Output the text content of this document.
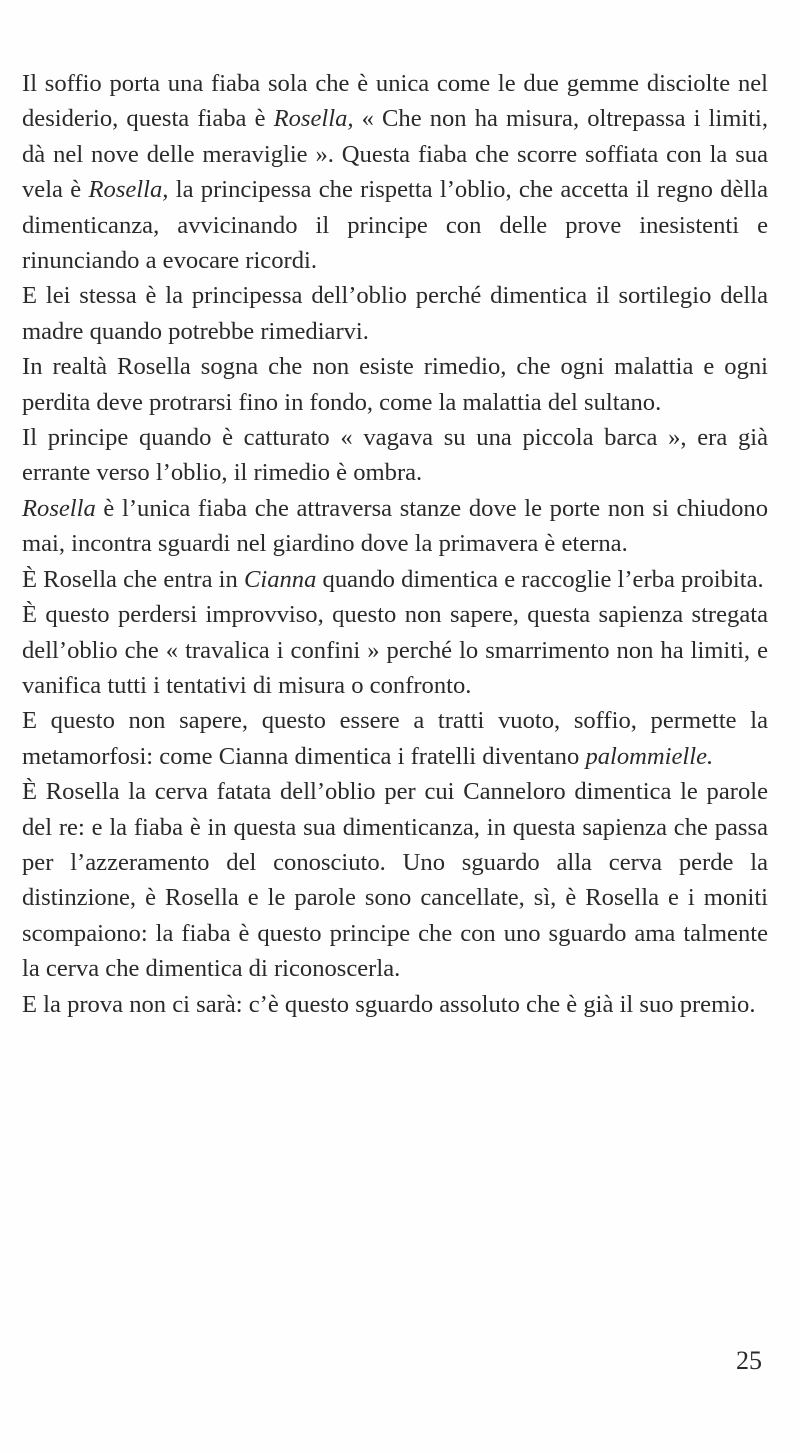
Il soffio porta una fiaba sola che è unica come le due gemme disciolte nel desiderio, questa fiaba è Rosella, « Che non ha misura, oltrepassa i limiti, dà nel nove delle meraviglie ». Questa fiaba che scorre soffiata con la sua vela è Rosella, la principessa che rispetta l’oblio, che accetta il regno dèlla dimenticanza, avvicinando il principe con delle prove inesistenti e rinunciando a evocare ricordi.

E lei stessa è la principessa dell’oblio perché dimentica il sortilegio della madre quando potrebbe rimediarvi.

In realtà Rosella sogna che non esiste rimedio, che ogni malattia e ogni perdita deve protrarsi fino in fondo, come la malattia del sultano.

Il principe quando è catturato « vagava su una piccola barca », era già errante verso l’oblio, il rimedio è ombra.

Rosella è l’unica fiaba che attraversa stanze dove le porte non si chiudono mai, incontra sguardi nel giardino dove la primavera è eterna.

È Rosella che entra in Cianna quando dimentica e raccoglie l’erba proibita.

È questo perdersi improvviso, questo non sapere, questa sapienza stregata dell’oblio che « travalica i confini » perché lo smarrimento non ha limiti, e vanifica tutti i tentativi di misura o confronto.

E questo non sapere, questo essere a tratti vuoto, soffio, permette la metamorfosi: come Cianna dimentica i fratelli diventano palommielle.

È Rosella la cerva fatata dell’oblio per cui Canneloro dimentica le parole del re: e la fiaba è in questa sua dimenticanza, in questa sapienza che passa per l’azzeramento del conosciuto. Uno sguardo alla cerva perde la distinzione, è Rosella e le parole sono cancellate, sì, è Rosella e i moniti scompaiono: la fiaba è questo principe che con uno sguardo ama talmente la cerva che dimentica di riconoscerla.

E la prova non ci sarà: c’è questo sguardo assoluto che è già il suo premio.

25
